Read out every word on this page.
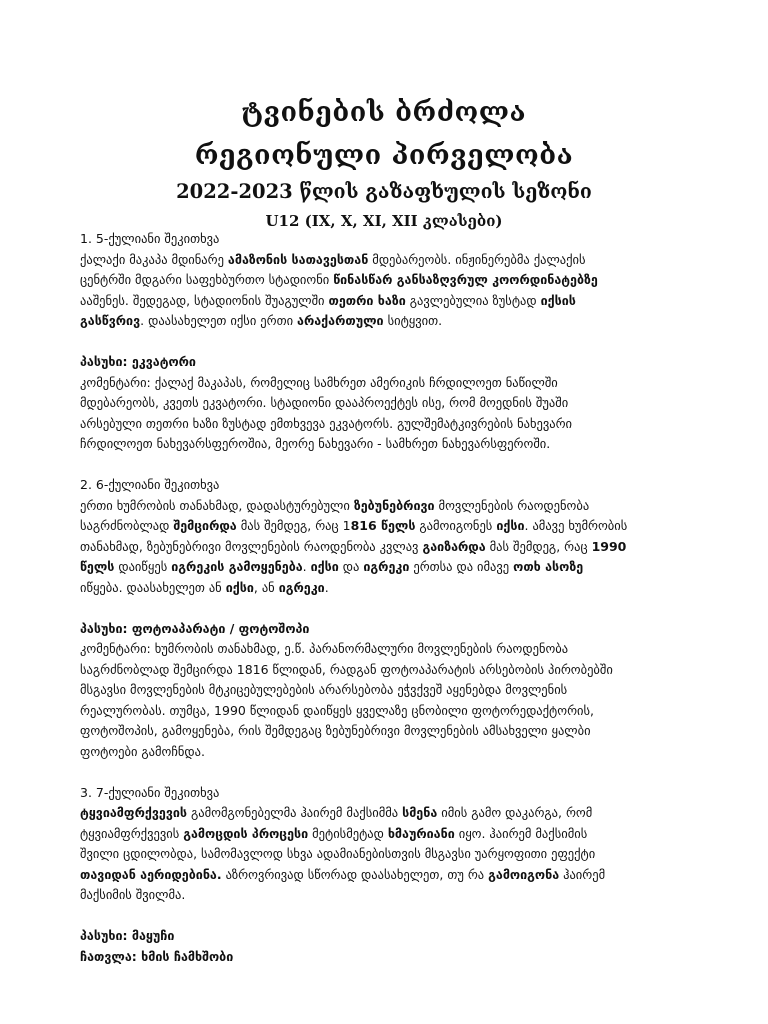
ტვინების ბრძოლა
რეგიონული პირველობა
2022-2023 წლის გაზაფხულის სეზონი
U12 (IX, X, XI, XII კლასები)
1. 5-ქულიანი შეკითხვა
ქალაქი მაკაპა მდინარე ამაზონის სათავესთან მდებარეობს. ინჟინერებმა ქალაქის
ცენტრში მდგარი საფეხბურთო სტადიონი წინასწარ განსაზღვრულ კოორდინატებზე
ააშენეს. შედეგად, სტადიონის შუაგულში თეთრი ხაზი გავლებულია ზუსტად იქსის
გასწვრივ. დაასახელეთ იქსი ერთი არაქართული სიტყვით.
პასუხი: ეკვატორი
კომენტარი: ქალაქ მაკაპას, რომელიც სამხრეთ ამერიკის ჩრდილოეთ ნაწილში
მდებარეობს, კვეთს ეკვატორი. სტადიონი დააპროექტეს ისე, რომ მოედნის შუაში
არსებული თეთრი ხაზი ზუსტად ემთხვევა ეკვატორს. გულშემატკივრების ნახევარი
ჩრდილოეთ ნახევარსფეროშია, მეორე ნახევარი - სამხრეთ ნახევარსფეროში.
2. 6-ქულიანი შეკითხვა
ერთი ხუმრობის თანახმად, დადასტურებული ზებუნებრივი მოვლენების რაოდენობა
საგრძნობლად შემცირდა მას შემდეგ, რაც 1816 წელს გამოიგონეს იქსი. ამავე ხუმრობის
თანახმად, ზებუნებრივი მოვლენების რაოდენობა კვლავ გაიზარდა მას შემდეგ, რაც 1990
წელს დაიწყეს იგრეკის გამოყენება. იქსი და იგრეკი ერთსა და იმავე ოთხ ასოზე
იწყება. დაასახელეთ ან იქსი, ან იგრეკი.
პასუხი: ფოტოაპარატი / ფოტოშოპი
კომენტარი: ხუმრობის თანახმად, ე.წ. პარანორმალური მოვლენების რაოდენობა
საგრძნობლად შემცირდა 1816 წლიდან, რადგან ფოტოაპარატის არსებობის პირობებში
მსგავსი მოვლენების მტკიცებულებების არარსებობა ეჭვქვეშ აყენებდა მოვლენის
რეალურობას. თუმცა, 1990 წლიდან დაიწყეს ყველაზე ცნობილი ფოტორედაქტორის,
ფოტოშოპის, გამოყენება, რის შემდეგაც ზებუნებრივი მოვლენების ამსახველი ყალბი
ფოტოები გამოჩნდა.
3. 7-ქულიანი შეკითხვა
ტყვიამფრქვევის გამომგონებელმა ჰაირემ მაქსიმმა სმენა იმის გამო დაკარგა, რომ
ტყვიამფრქვევის გამოცდის პროცესი მეტისმეტად ხმაურიანი იყო. ჰაირემ მაქსიმის
შვილი ცდილობდა, სამომავლოდ სხვა ადამიანებისთვის მსგავსი უარყოფითი ეფექტი
თავიდან აერიდებინა. აზროვრივად სწორად დაასახელეთ, თუ რა გამოიგონა ჰაირემ
მაქსიმის შვილმა.
პასუხი: მაყუჩი
ჩათვლა: ხმის ჩამხშობი
